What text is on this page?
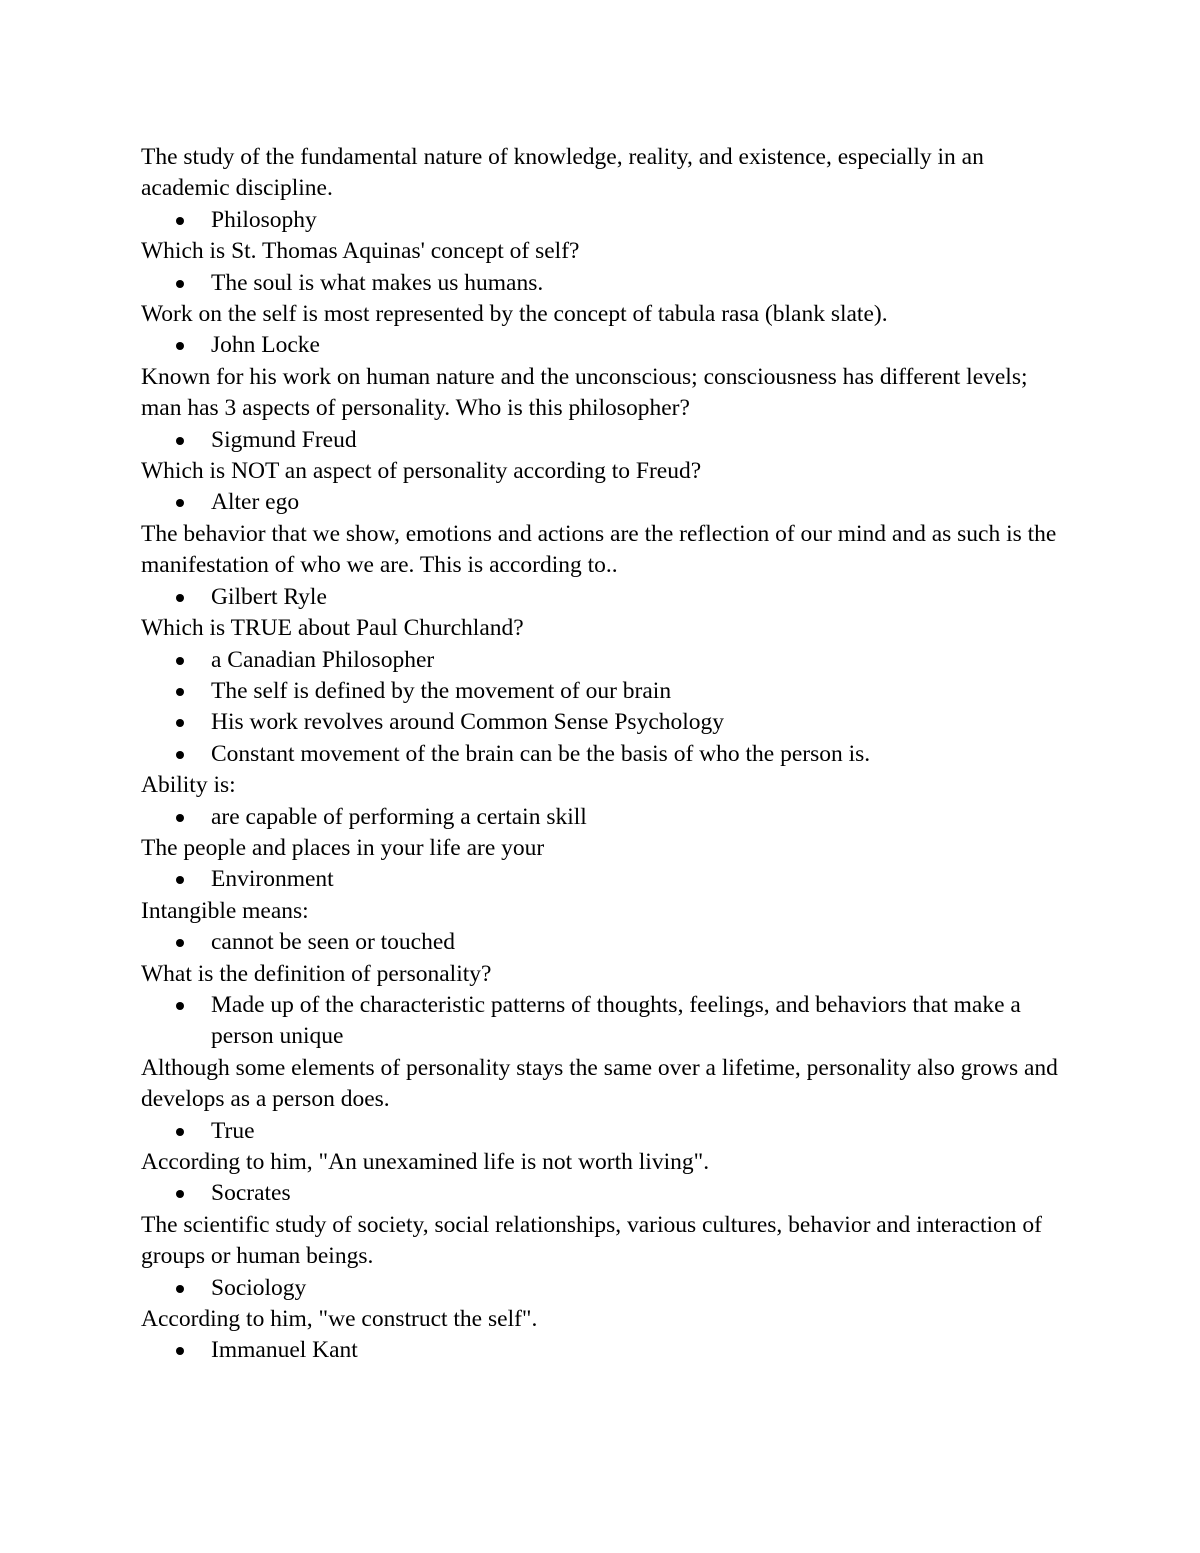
The study of the fundamental nature of knowledge, reality, and existence, especially in an academic discipline.

Philosophy

Which is St. Thomas Aquinas' concept of self?

The soul is what makes us humans.

Work on the self is most represented by the concept of tabula rasa (blank slate).

John Locke

Known for his work on human nature and the unconscious; consciousness has different levels; man has 3 aspects of personality. Who is this philosopher?

Sigmund Freud

Which is NOT an aspect of personality according to Freud?

Alter ego

The behavior that we show, emotions and actions are the reflection of our mind and as such is the manifestation of who we are. This is according to..

Gilbert Ryle

Which is TRUE about Paul Churchland?

a Canadian Philosopher
The self is defined by the movement of our brain
His work revolves around Common Sense Psychology
Constant movement of the brain can be the basis of who the person is.

Ability is:

are capable of performing a certain skill

The people and places in your life are your

Environment

Intangible means:

cannot be seen or touched

What is the definition of personality?

Made up of the characteristic patterns of thoughts, feelings, and behaviors that make a person unique

Although some elements of personality stays the same over a lifetime, personality also grows and develops as a person does.

True

According to him, "An unexamined life is not worth living".

Socrates

The scientific study of society, social relationships, various cultures, behavior and interaction of groups or human beings.

Sociology

According to him, "we construct the self".

Immanuel Kant
